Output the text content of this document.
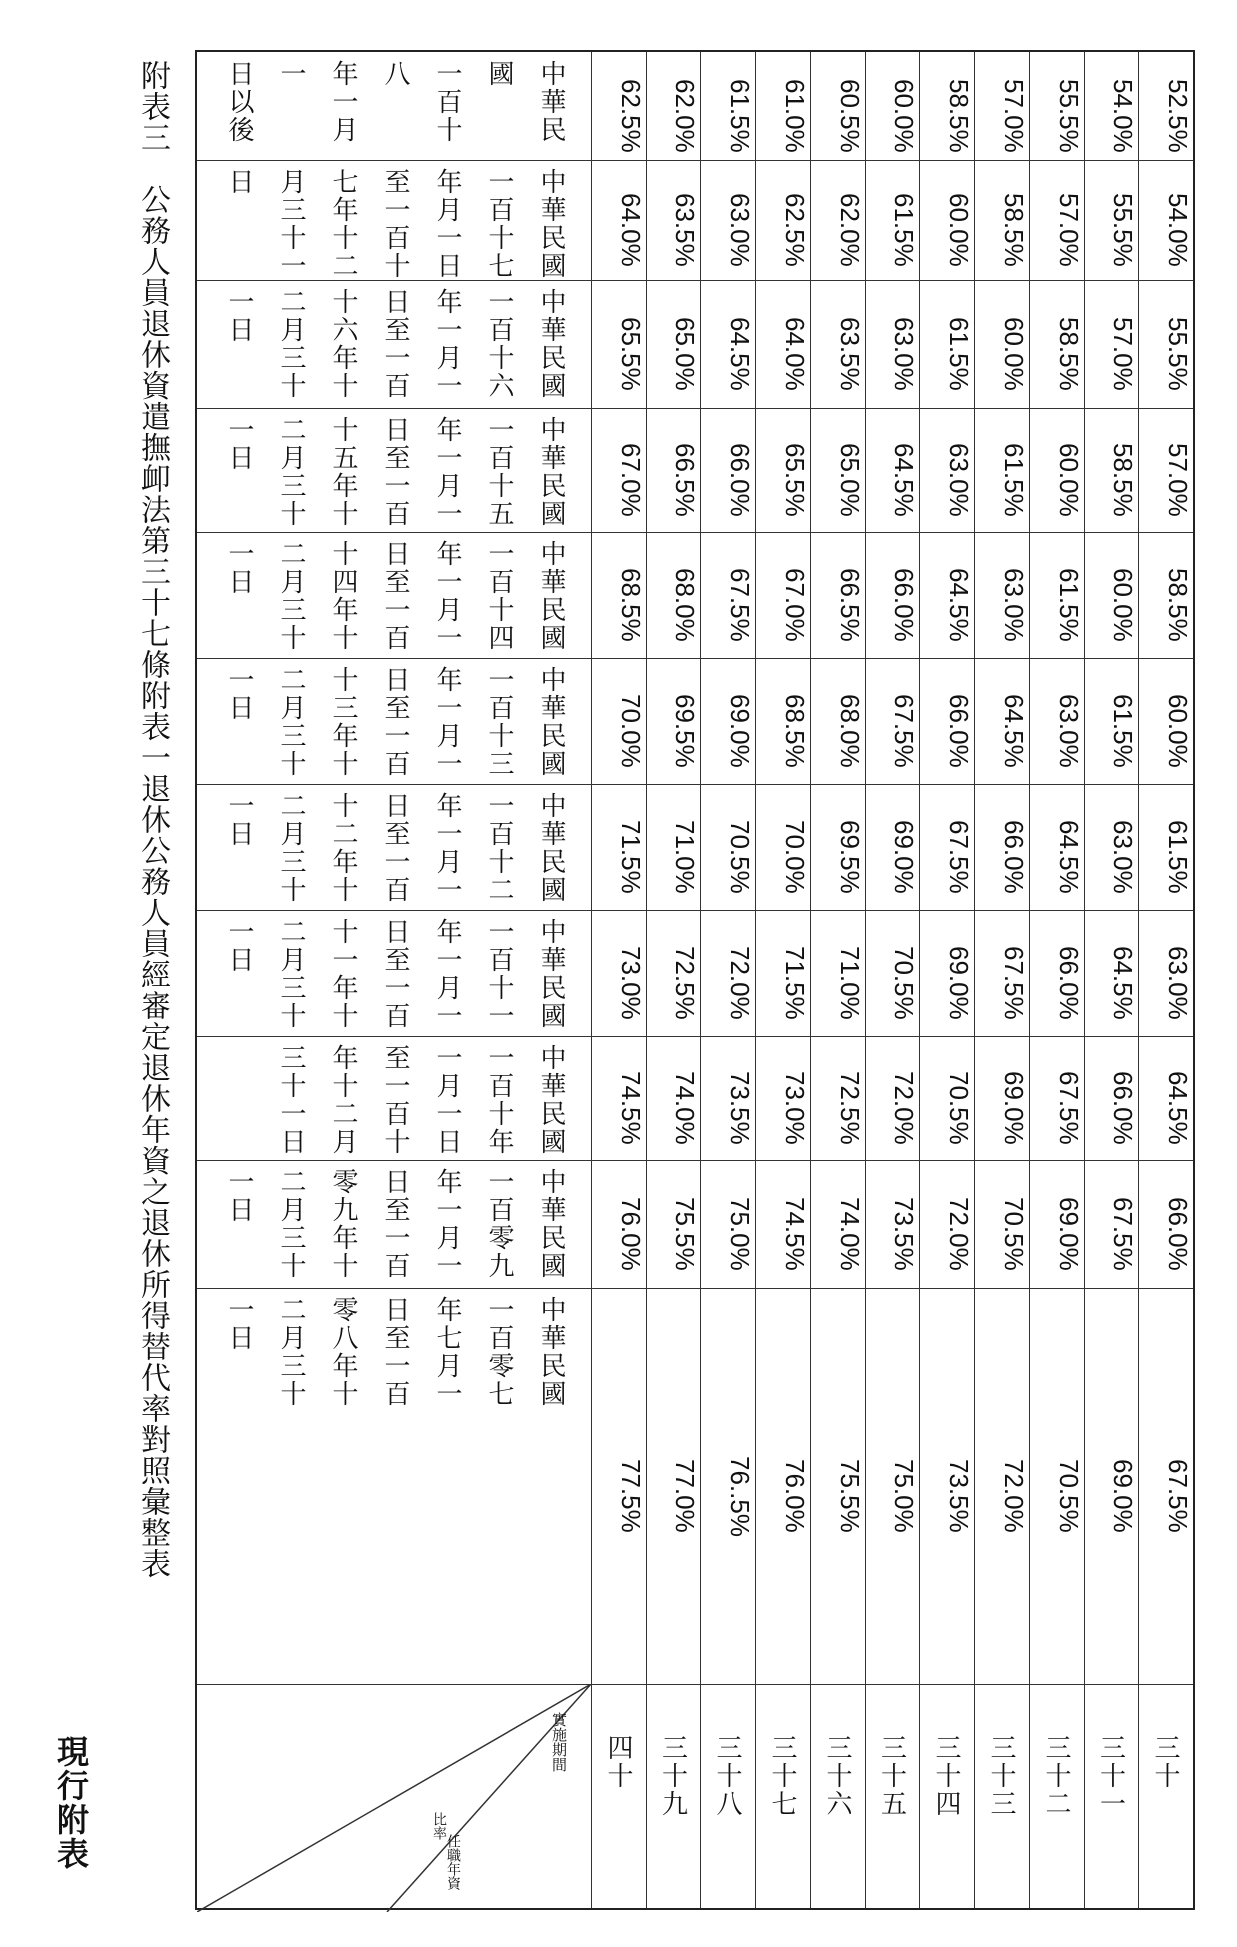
現行附表
附表三　公務人員退休資遣撫卹法第三十七條附表一退休公務人員經審定退休年資之退休所得替代率對照彙整表
實施期間
比率
任職年資
中華民國
一百零七
年七月一
日至一百
零八年十
二月三十
一日
77.5% 77.0% 76..5% 76.0% 75.5% 75.0% 73.5% 72.0% 70.5% 69.0% 67.5%
中華民國
一百零九
年一月一
日至一百
零九年十
二月三十
一日
76.0% 75.5% 75.0% 74.5% 74.0% 73.5% 72.0% 70.5% 69.0% 67.5% 66.0%
中華民國
一百十年
一月一日
至一百十
年十二月
三十一日	74.5% 74.0% 73.5% 73.0% 72.5% 72.0% 70.5% 69.0% 67.5% 66.0% 64.5%
中華民國
一百十一
年一月一
日至一百
十一年十
二月三十
一日
73.0% 72.5% 72.0% 71.5% 71.0% 70.5% 69.0% 67.5% 66.0% 64.5% 63.0%
中華民國
一百十二
年一月一
日至一百
十二年十
二月三十
一日
71.5% 71.0% 70.5% 70.0% 69.5% 69.0% 67.5% 66.0% 64.5% 63.0% 61.5%
中華民國
一百十三
年一月一
日至一百
十三年十
二月三十
一日
70.0% 69.5% 69.0% 68.5% 68.0% 67.5% 66.0% 64.5% 63.0% 61.5% 60.0%
中華民國
一百十四
年一月一
日至一百
十四年十
二月三十
一日
68.5% 68.0% 67.5% 67.0% 66.5% 66.0% 64.5% 63.0% 61.5% 60.0% 58.5%
中華民國
一百十五
年一月一
日至一百
十五年十
二月三十
一日	67.0% 66.5% 66.0% 65.5% 65.0% 64.5% 63.0% 61.5% 60.0% 58.5% 57.0%
中華民國
一百十六
年一月一
日至一百
十六年十
二月三十
一日
65.5% 65.0% 64.5% 64.0% 63.5% 63.0% 61.5% 60.0% 58.5% 57.0% 55.5%
中華民國
一百十七
年月一日
至一百十
七年十二
月三十一
日
64.0% 63.5% 63.0% 62.5% 62.0% 61.5% 60.0% 58.5% 57.0% 55.5% 54.0%
中華民國
一百十八
年一月一
日以後	62.5% 62.0% 61.5% 61.0% 60.5% 60.0% 58.5% 57.0% 55.5% 54.0% 52.5%
四十 三十九 三十八 三十七 三十六 三十五 三十四 三十三 三十二 三十一 三十
